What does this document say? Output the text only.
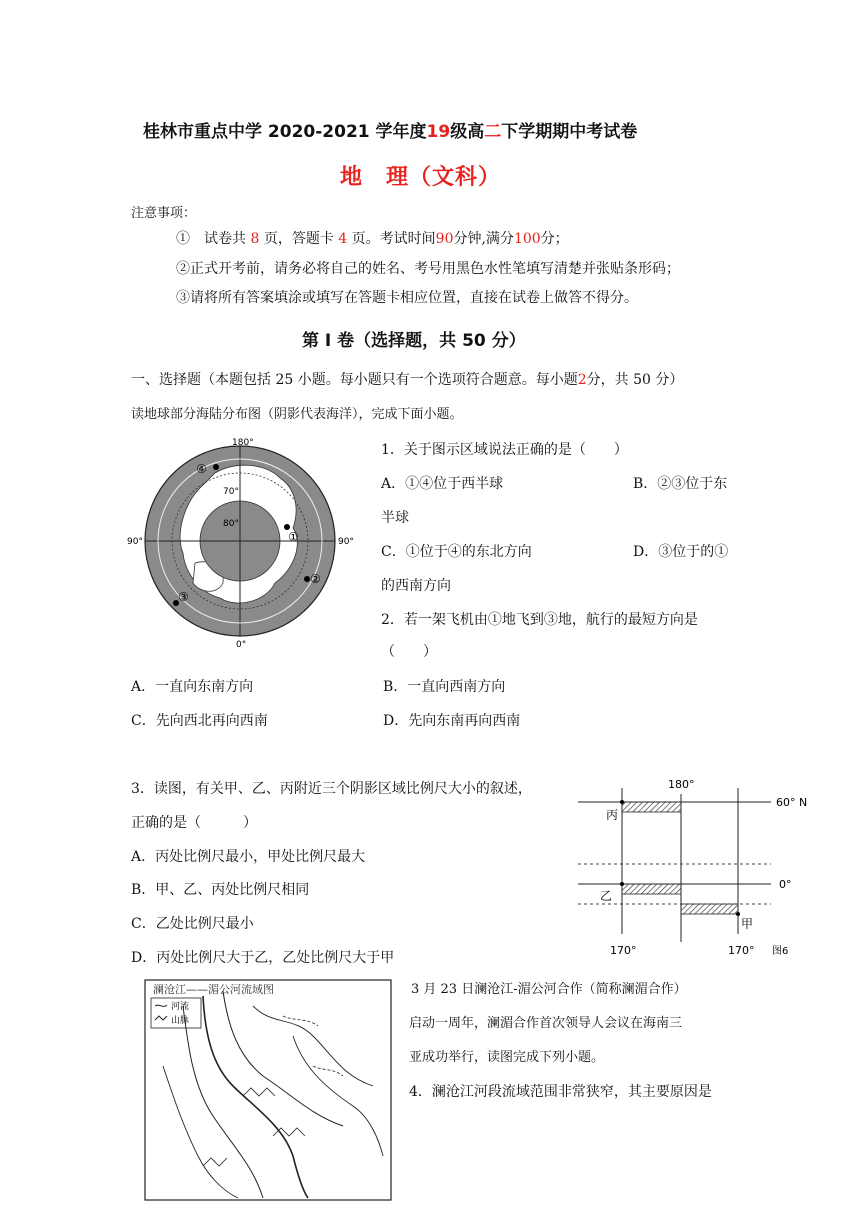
桂林市重点中学 2020-2021 学年度19级高二下学期期中考试卷
地　理（文科）
注意事项：
①　试卷共 8 页，答题卡 4 页。考试时间90分钟,满分100分；
②正式开考前，请务必将自己的姓名、考号用黑色水性笔填写清楚并张贴条形码；
③请将所有答案填涂或填写在答题卡相应位置，直接在试卷上做答不得分。
第 I 卷（选择题，共 50 分）
一、选择题（本题包括 25 小题。每小题只有一个选项符合题意。每小题2分，共 50 分）
读地球部分海陆分布图（阴影代表海洋），完成下面小题。
180°
0°
90°	90°
70°
80°
①
②
③
④
1．关于图示区域说法正确的是（　　）
A．①④位于西半球	B．②③位于东
半球
C．①位于④的东北方向	D．③位于的①
的西南方向
2．若一架飞机由①地飞到③地，航行的最短方向是
（　　）
A．一直向东南方向	B．一直向西南方向
C．先向西北再向西南	D．先向东南再向西南
3．读图，有关甲、乙、丙附近三个阴影区域比例尺大小的叙述，
正确的是（　　　）
A．丙处比例尺最小，甲处比例尺最大
B．甲、乙、丙处比例尺相同
C．乙处比例尺最小
D．丙处比例尺大于乙，乙处比例尺大于甲
180°
60° N
0°
丙
乙
甲
170°	170° 图6
澜沧江——湄公河流域图
河流
山脉
3 月 23 日澜沧江-湄公河合作（简称澜湄合作）
启动一周年，澜湄合作首次领导人会议在海南三
亚成功举行，读图完成下列小题。
4．澜沧江河段流域范围非常狭窄，其主要原因是
